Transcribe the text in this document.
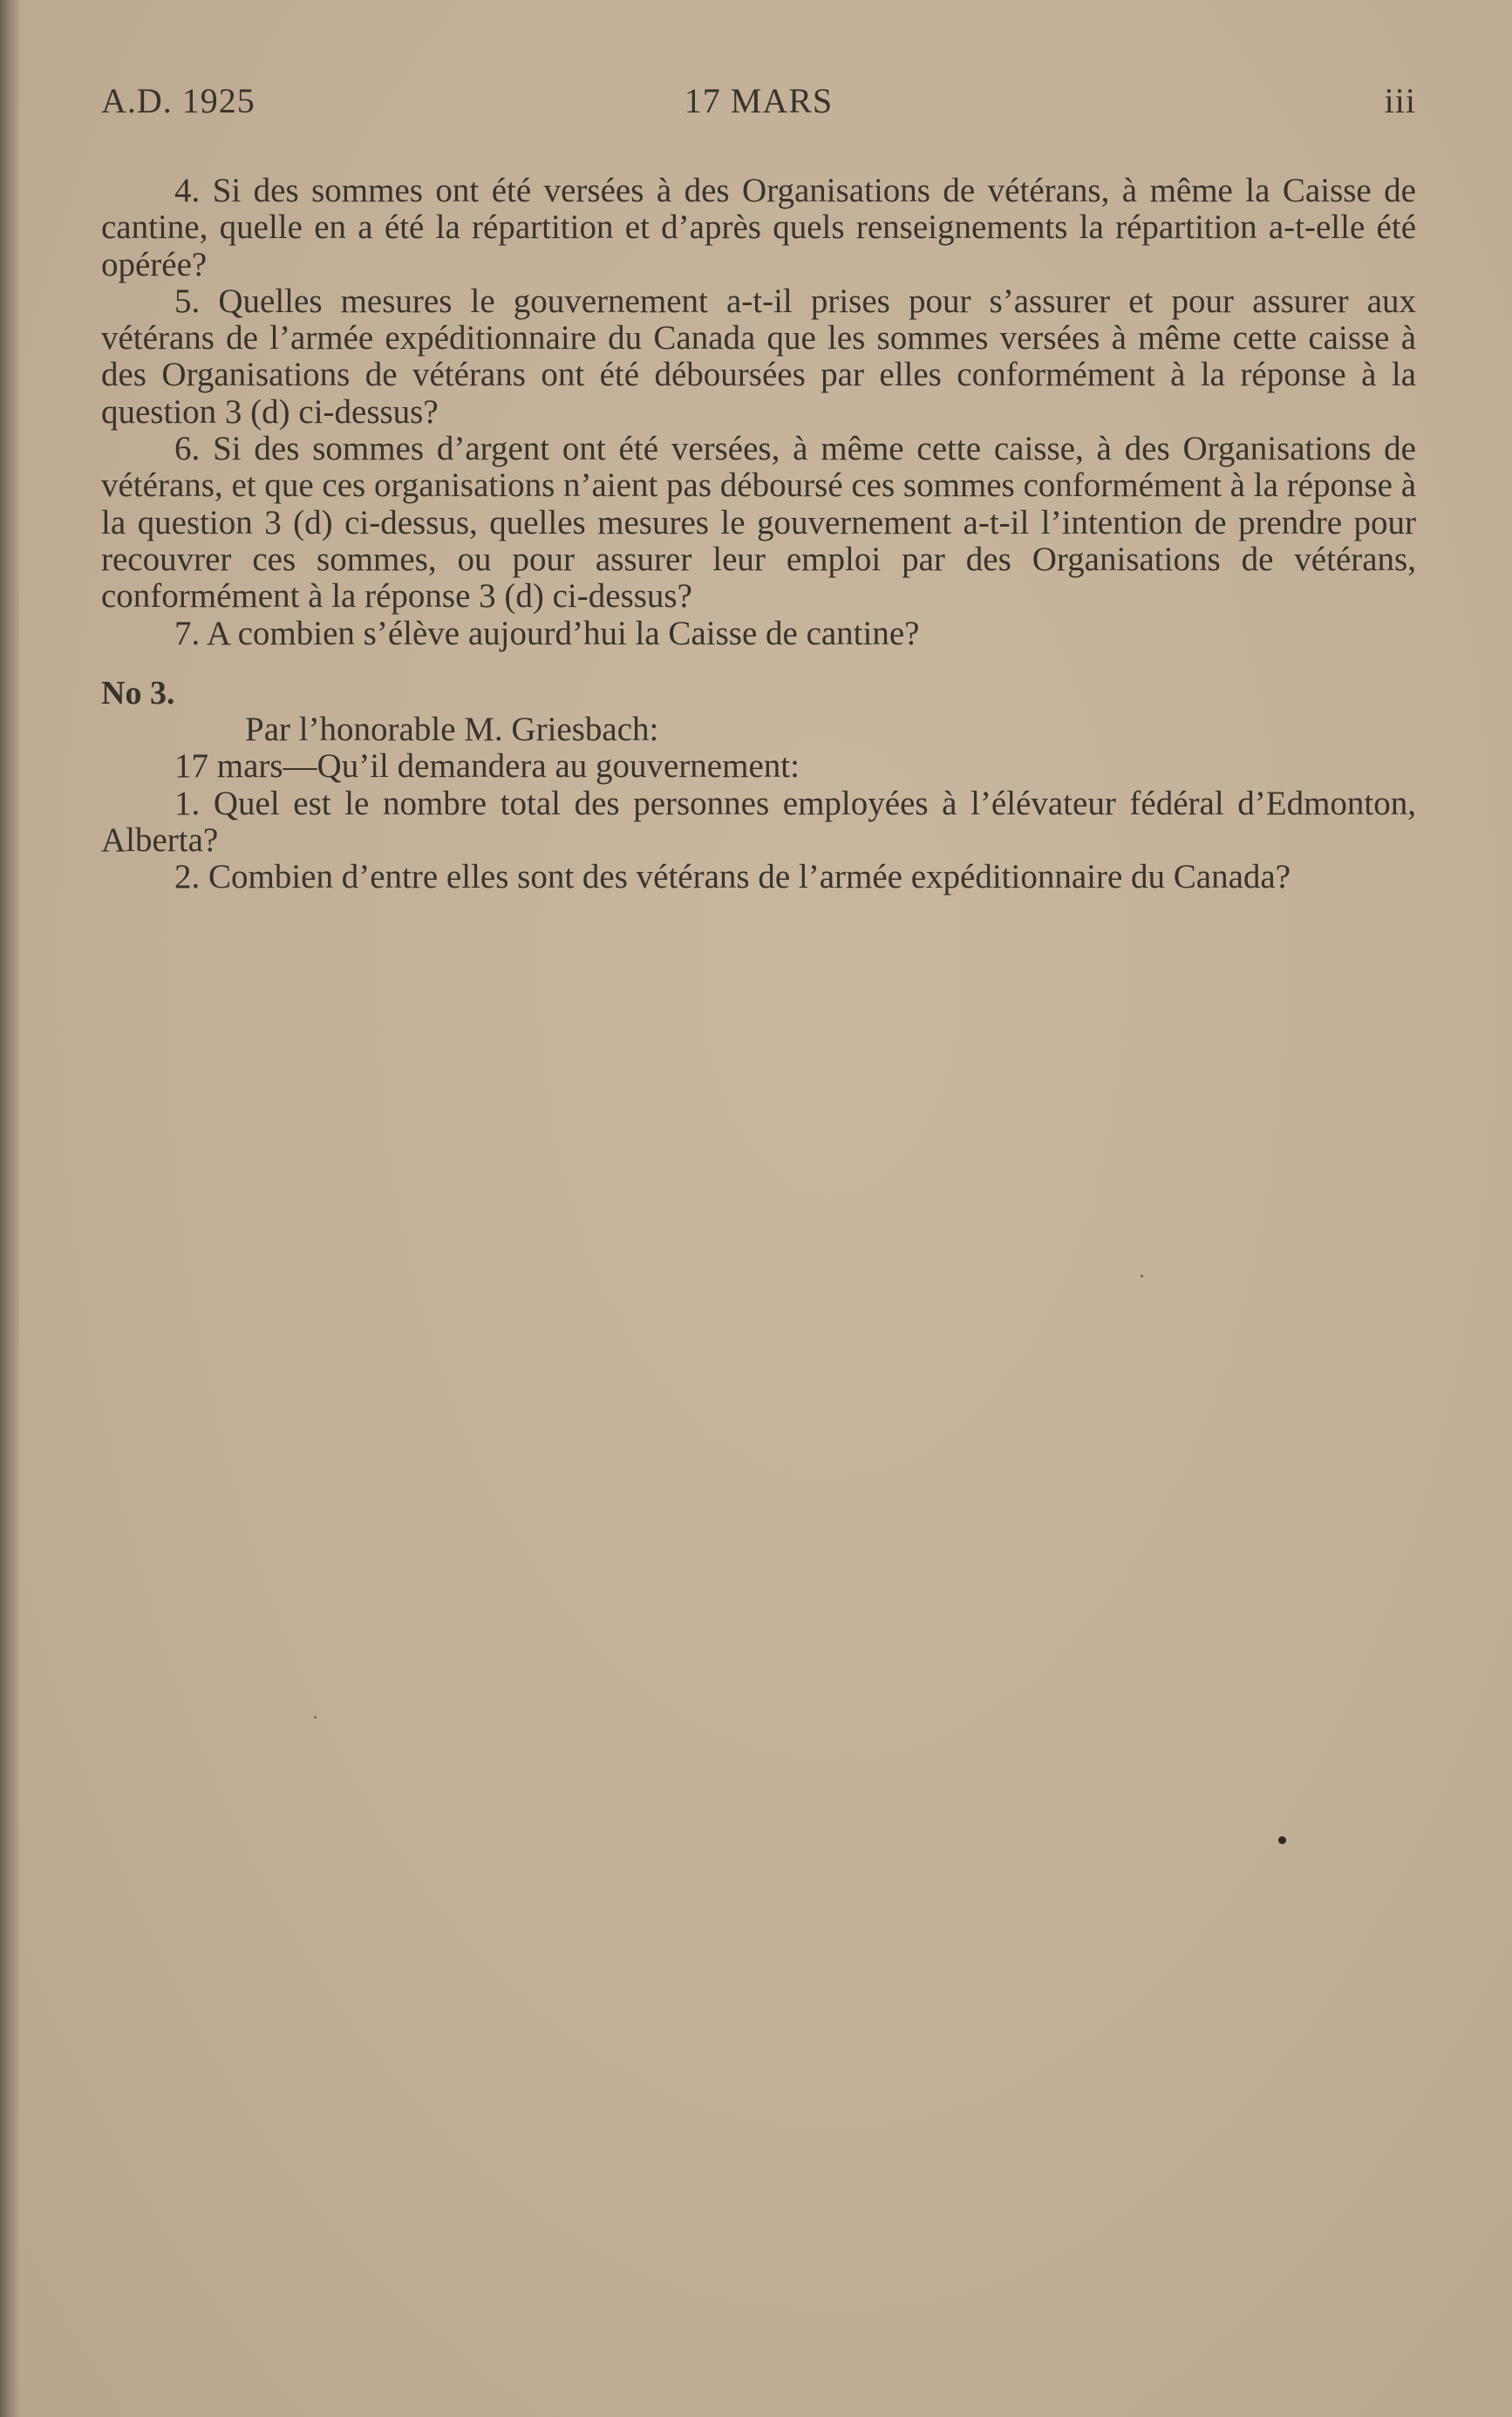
A.D. 1925	17 MARS	iii

4. Si des sommes ont été versées à des Organisations de vétérans, à même la Caisse de cantine, quelle en a été la répartition et d’après quels renseignements la répartition a-t-elle été opérée?

5. Quelles mesures le gouvernement a-t-il prises pour s’assurer et pour assurer aux vétérans de l’armée expéditionnaire du Canada que les sommes versées à même cette caisse à des Organisations de vétérans ont été déboursées par elles conformément à la réponse à la question 3 (d) ci-dessus?

6. Si des sommes d’argent ont été versées, à même cette caisse, à des Organisations de vétérans, et que ces organisations n’aient pas déboursé ces sommes conformément à la réponse à la question 3 (d) ci-dessus, quelles mesures le gouvernement a-t-il l’intention de prendre pour recouvrer ces sommes, ou pour assurer leur emploi par des Organisations de vétérans, conformément à la réponse 3 (d) ci-dessus?

7. A combien s’élève aujourd’hui la Caisse de cantine?

No 3.

Par l’honorable M. Griesbach:

17 mars—Qu’il demandera au gouvernement:

1. Quel est le nombre total des personnes employées à l’élévateur fédéral d’Edmonton, Alberta?

2. Combien d’entre elles sont des vétérans de l’armée expéditionnaire du Canada?
